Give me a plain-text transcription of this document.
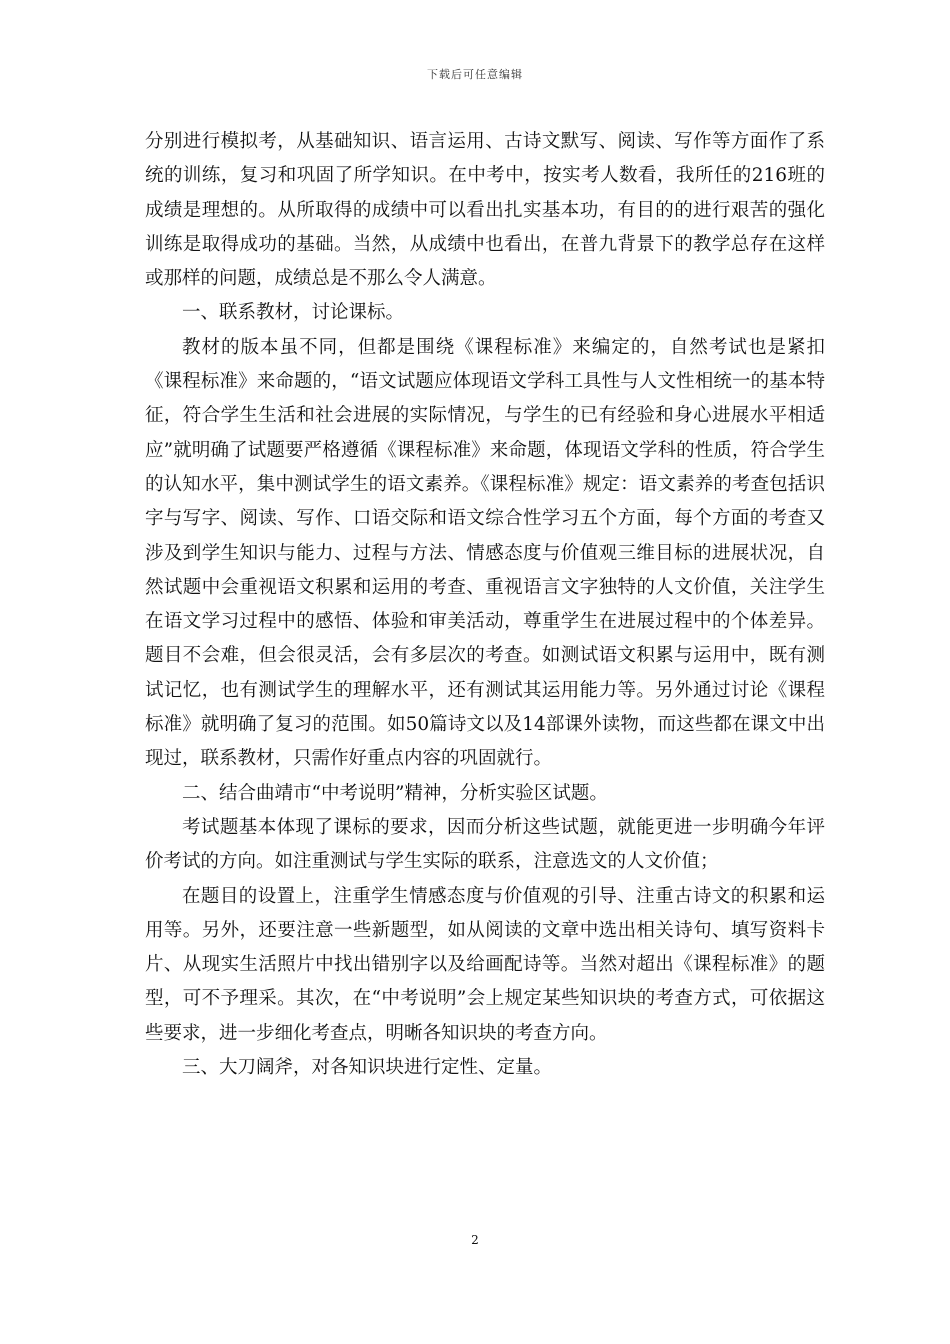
下载后可任意编辑

分别进行模拟考，从基础知识、语言运用、古诗文默写、阅读、写作等方面作了系统的训练，复习和巩固了所学知识。在中考中，按实考人数看，我所任的216班的成绩是理想的。从所取得的成绩中可以看出扎实基本功，有目的的进行艰苦的强化训练是取得成功的基础。当然，从成绩中也看出，在普九背景下的教学总存在这样或那样的问题，成绩总是不那么令人满意。

一、联系教材，讨论课标。

教材的版本虽不同，但都是围绕《课程标准》来编定的，自然考试也是紧扣《课程标准》来命题的，“语文试题应体现语文学科工具性与人文性相统一的基本特征，符合学生生活和社会进展的实际情况，与学生的已有经验和身心进展水平相适应”就明确了试题要严格遵循《课程标准》来命题，体现语文学科的性质，符合学生的认知水平，集中测试学生的语文素养。《课程标准》规定：语文素养的考查包括识字与写字、阅读、写作、口语交际和语文综合性学习五个方面，每个方面的考查又涉及到学生知识与能力、过程与方法、情感态度与价值观三维目标的进展状况，自然试题中会重视语文积累和运用的考查、重视语言文字独特的人文价值，关注学生在语文学习过程中的感悟、体验和审美活动，尊重学生在进展过程中的个体差异。题目不会难，但会很灵活，会有多层次的考查。如测试语文积累与运用中，既有测试记忆，也有测试学生的理解水平，还有测试其运用能力等。另外通过讨论《课程标准》就明确了复习的范围。如50篇诗文以及14部课外读物，而这些都在课文中出现过，联系教材，只需作好重点内容的巩固就行。

二、结合曲靖市“中考说明”精神，分析实验区试题。

考试题基本体现了课标的要求，因而分析这些试题，就能更进一步明确今年评价考试的方向。如注重测试与学生实际的联系，注意选文的人文价值；

在题目的设置上，注重学生情感态度与价值观的引导、注重古诗文的积累和运用等。另外，还要注意一些新题型，如从阅读的文章中选出相关诗句、填写资料卡片、从现实生活照片中找出错别字以及给画配诗等。当然对超出《课程标准》的题型，可不予理采。其次，在“中考说明”会上规定某些知识块的考查方式，可依据这些要求，进一步细化考查点，明晰各知识块的考查方向。

三、大刀阔斧，对各知识块进行定性、定量。

2
